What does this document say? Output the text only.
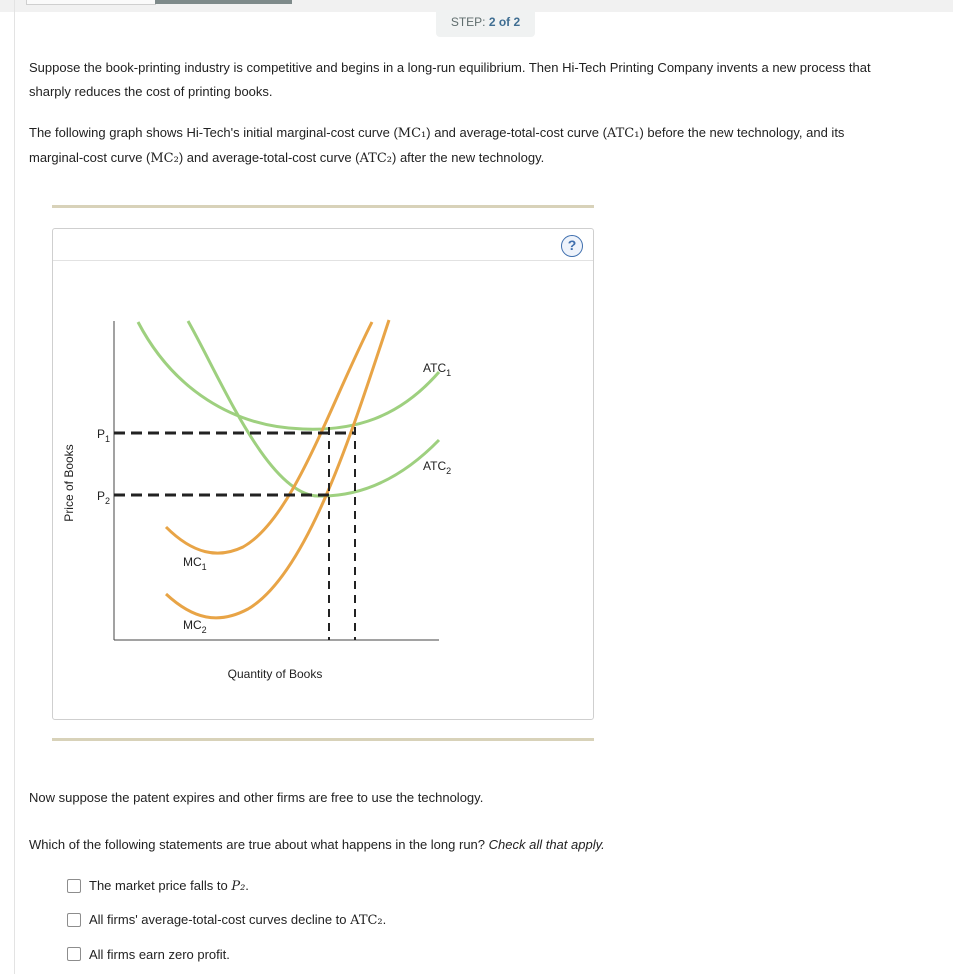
STEP: 2 of 2
Suppose the book-printing industry is competitive and begins in a long-run equilibrium. Then Hi-Tech Printing Company invents a new process that
sharply reduces the cost of printing books.
The following graph shows Hi-Tech's initial marginal-cost curve (MC₁) and average-total-cost curve (ATC₁) before the new technology, and its
marginal-cost curve (MC₂) and average-total-cost curve (ATC₂) after the new technology.
?
Price of Books
Quantity of Books
$P_1$
$P_2$
$ATC_1$
$ATC_2$
$MC_1$
$MC_2$
Now suppose the patent expires and other firms are free to use the technology.
Which of the following statements are true about what happens in the long run? Check all that apply.
The market price falls to P₂.
All firms' average-total-cost curves decline to ATC₂.
All firms earn zero profit.
